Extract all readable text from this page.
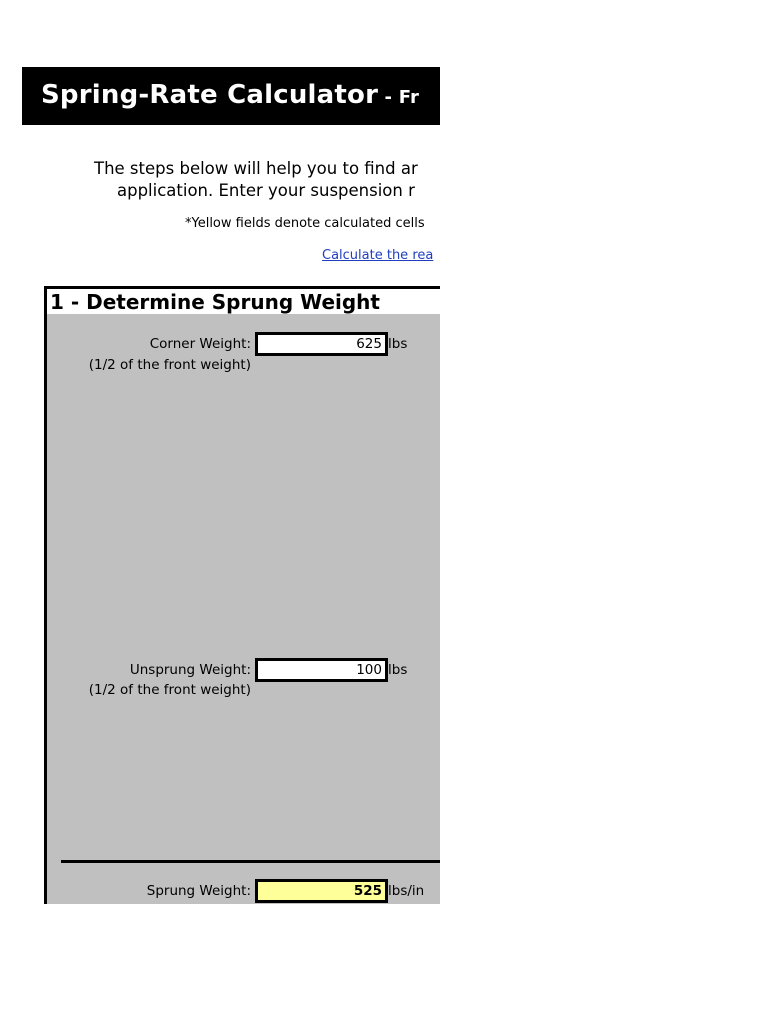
Spring-Rate Calculator - Fr
The steps below will help you to find ar
application. Enter your suspension r
*Yellow fields denote calculated cells
Calculate the rea
1 - Determine Sprung Weight
Corner Weight:
(1/2 of the front weight)
625 lbs
Unsprung Weight:
(1/2 of the front weight)
100 lbs
Sprung Weight:	525 lbs/in
